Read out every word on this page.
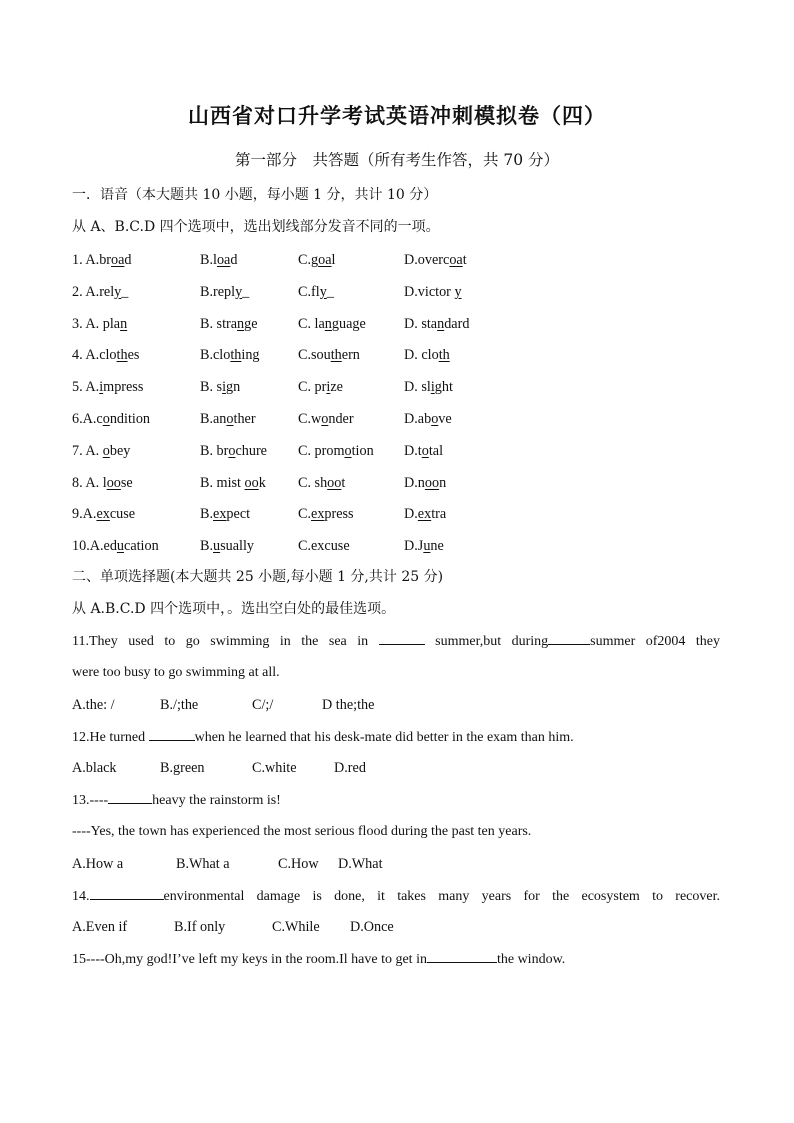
山西省对口升学考试英语冲刺模拟卷（四）
第一部分　共答题（所有考生作答，共 70 分）
一．语音（本大题共 10 小题，每小题 1 分，共计 10 分）
从 A、B.C.D 四个选项中，选出划线部分发音不同的一项。
1. A.broad	B.load	C.goal	D.overcoat
2. A.rely_	B.reply_	C.fly_	D.victor y
3. A. plan	B. strange	C. language	D. standard
4. A.clothes	B.clothing	C.southern	D. cloth
5. A.impress	B. sign	C. prize	D. slight
6.A.condition	B.another	C.wonder	D.above
7. A. obey	B. brochure C. promotion D.total
8. A. loose	B. mist ook C. shoot	D.noon
9.A.excuse	B.expect	C.express	D.extra
10.A.education	B.usually	C.excuse	D.June
二、单项选择题(本大题共 25 小题,每小题 1 分,共计 25 分)
从 A.B.C.D 四个选项中，。选出空白处的最佳选项。
11.They used to go swimming in the sea in	summer,but during	summer of2004 they
were too busy to go swimming at all.
A.the: /	B./;the	C/;/	D the;the
12.He turned	when he learned that his desk-mate did better in the exam than him.
A.black	B.green	C.white	D.red
13.----	heavy the rainstorm is!
----Yes, the town has experienced the most serious flood during the past ten years.
A.How a	B.What a	C.How D.What
14.	environmental damage is done, it takes many years for the ecosystem to recover.
A.Even if	B.If only	C.While D.Once
15----Oh,my god!I’ve left my keys in the room.Il have to get in	the window.
